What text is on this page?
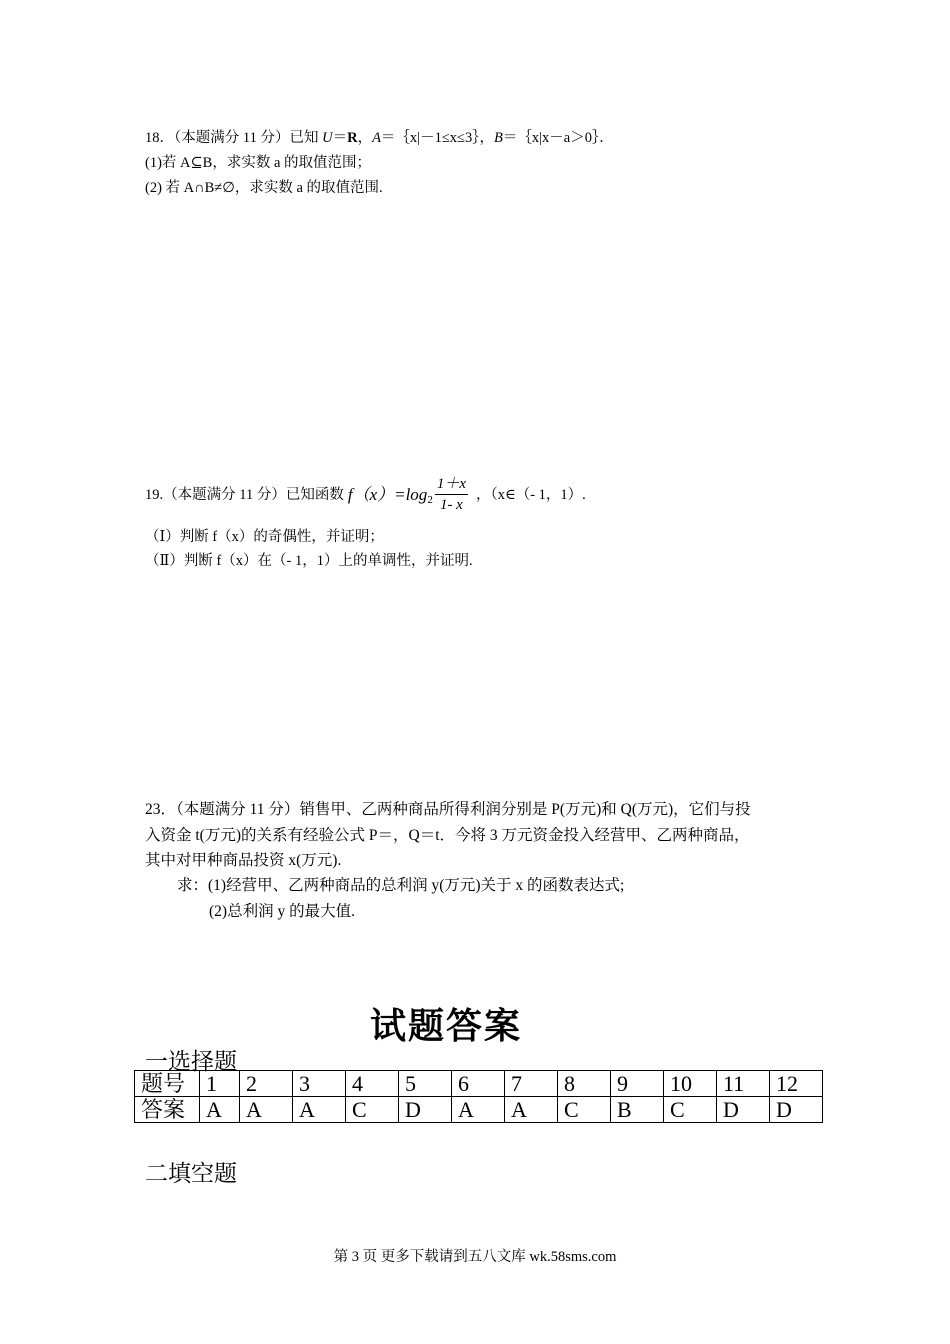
18．（本题满分 11 分）已知 U＝R，A＝｛x|－1≤x≤3｝，B＝｛x|x－a＞0｝．
(1)若 A⊆B，求实数 a 的取值范围；
(2) 若 A∩B≠∅，求实数 a 的取值范围.
19. （本题满分 11 分） 已知函数 $f(x)=\log_2 \frac{1+x}{1- x}$ ，（x∈（- 1，1）.
（Ⅰ）判断 f（x）的奇偶性，并证明；
（Ⅱ）判断 f（x）在（- 1，1）上的单调性，并证明.
23．（本题满分 11 分）销售甲、乙两种商品所得利润分别是 P(万元)和 Q(万元)，它们与投
入资金 t(万元)的关系有经验公式 P＝，Q＝t．今将 3 万元资金投入经营甲、乙两种商品，
其中对甲种商品投资 x(万元).
求：(1)经营甲、乙两种商品的总利润 y(万元)关于 x 的函数表达式;
(2)总利润 y 的最大值.
试题答案
一选择题
题号	1	2	3	4	5	6	7	8	9	10	11	12
答案	A	A	A	C	D	A	A	C	B	C	D	D
二填空题
第 3 页 更多下载请到五八文库 wk.58sms.com
